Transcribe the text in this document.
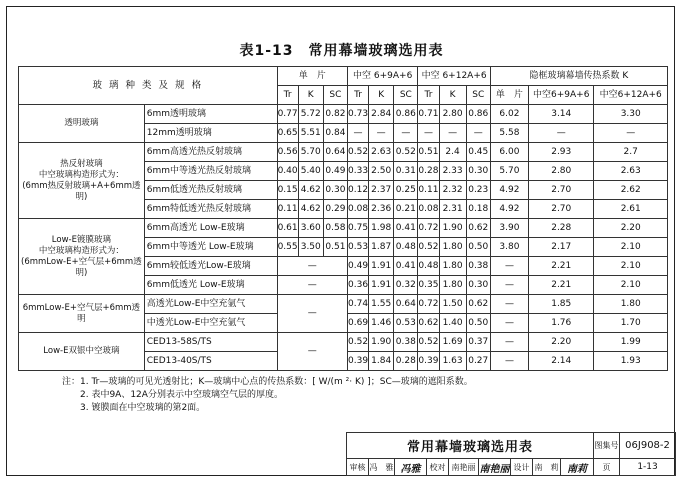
表1-13　常用幕墙玻璃选用表
玻 璃 种 类 及 规 格		单　片			中空 6+9A+6			中空 6+12A+6			隐框玻璃幕墙传热系数 K		
		Tr	K	SC	Tr	K	SC	Tr	K	SC	单　片	中空6+9A+6	中空6+12A+6
透明玻璃	6mm透明玻璃	0.77	5.72	0.82	0.73	2.84	0.86	0.71	2.80	0.86	6.02	3.14	3.30
	12mm透明玻璃	0.65	5.51	0.84	—	—	—	—	—	—	5.58	—	—
热反射玻璃
中空玻璃构造形式为：
(6mm热反射玻璃+A+6mm透明)	6mm高透光热反射玻璃	0.56	5.70	0.64	0.52	2.63	0.52	0.51	2.4	0.45	6.00	2.93	2.7
	6mm中等透光热反射玻璃	0.40	5.40	0.49	0.33	2.50	0.31	0.28	2.33	0.30	5.70	2.80	2.63
	6mm低透光热反射玻璃	0.15	4.62	0.30	0.12	2.37	0.25	0.11	2.32	0.23	4.92	2.70	2.62
	6mm特低透光热反射玻璃	0.11	4.62	0.29	0.08	2.36	0.21	0.08	2.31	0.18	4.92	2.70	2.61
Low-E镀膜玻璃
中空玻璃构造形式为：
(6mmLow-E+空气层+6mm透明)	6mm高透光 Low-E玻璃	0.61	3.60	0.58	0.75	1.98	0.41	0.72	1.90	0.62	3.90	2.28	2.20
	6mm中等透光 Low-E玻璃	0.55	3.50	0.51	0.53	1.87	0.48	0.52	1.80	0.50	3.80	2.17	2.10
	6mm较低透光Low-E玻璃	—			0.49	1.91	0.41	0.48	1.80	0.38	—	2.21	2.10
	6mm低透光 Low-E玻璃	—			0.36	1.91	0.32	0.35	1.80	0.30	—	2.21	2.10
6mmLow-E+空气层+6mm透明	高透光Low-E中空充氩气	—			0.74	1.55	0.64	0.72	1.50	0.62	—	1.85	1.80
	中透光Low-E中空充氩气				0.69	1.46	0.53	0.62	1.40	0.50	—	1.76	1.70
Low-E双银中空玻璃	CED13-58S/TS	—			0.52	1.90	0.38	0.52	1.69	0.37	—	2.20	1.99
	CED13-40S/TS				0.39	1.84	0.28	0.39	1.63	0.27	—	2.14	1.93
注：1. Tr—玻璃的可见光透射比；K—玻璃中心点的传热系数：[ W/(m ²· K) ]；SC—玻璃的遮阳系数。
2. 表中9A、12A分别表示中空玻璃空气层的厚度。
3. 镀膜面在中空玻璃的第2面。
常用幕墙玻璃选用表									图集号	06J908-2
审核	冯　雅	冯雅	校对	南艳丽	南艳丽	设计	南　莉	南莉	页	1-13
